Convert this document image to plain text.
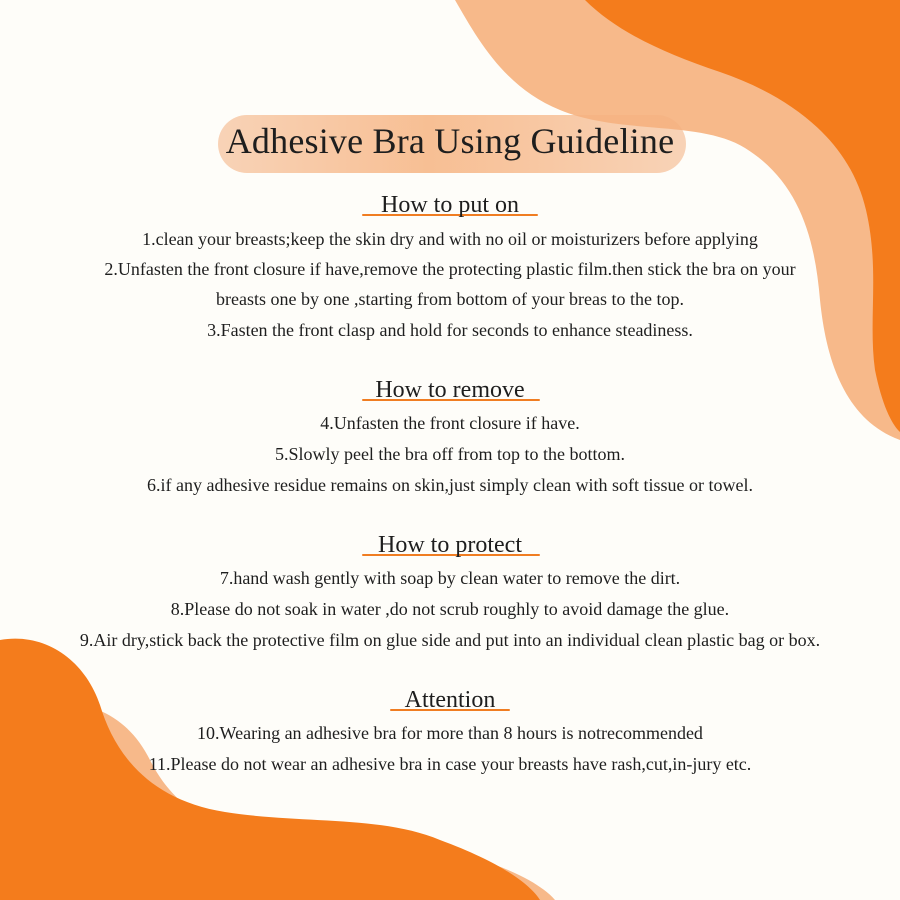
Adhesive Bra Using Guideline
How to put on
1.clean your breasts;keep the skin dry and with no oil or moisturizers before applying
2.Unfasten the front closure if have,remove the protecting plastic film.then stick the bra on your
breasts one by one ,starting from bottom of your breas to the top.
3.Fasten the front clasp and hold for seconds to enhance steadiness.
How to remove
4.Unfasten the front closure if have.
5.Slowly peel the bra off from top to the bottom.
6.if any adhesive residue remains on skin,just simply clean with soft tissue or towel.
How to protect
7.hand wash gently with soap by clean water to remove the dirt.
8.Please do not soak in water ,do not scrub roughly to avoid damage the glue.
9.Air dry,stick back the protective film on glue side and put into an individual clean plastic bag or box.
Attention
10.Wearing an adhesive bra for more than 8 hours is notrecommended
11.Please do not wear an adhesive bra in case your breasts have rash,cut,in-jury etc.
